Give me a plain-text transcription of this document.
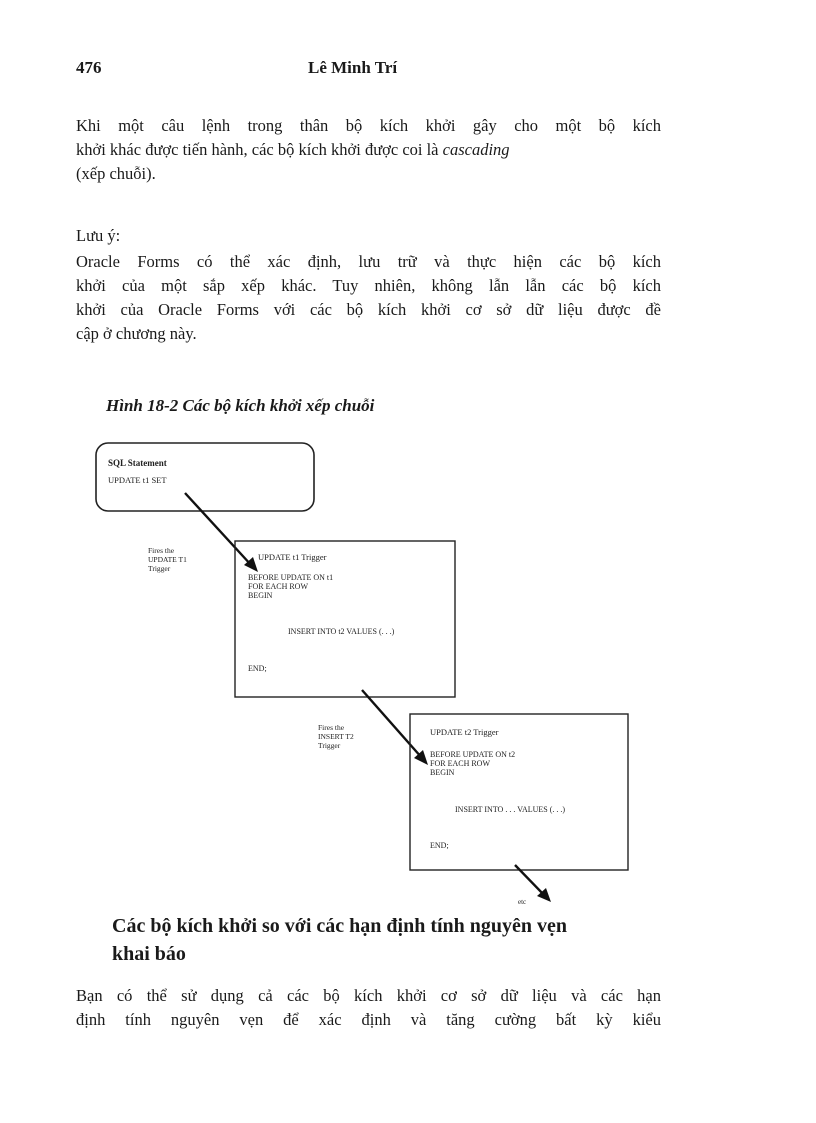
476	Lê Minh Trí

Khi một câu lệnh trong thân bộ kích khởi gây cho một bộ kích
khởi khác được tiến hành, các bộ kích khởi được coi là cascading
(xếp chuỗi).

Lưu ý:

Oracle Forms có thể xác định, lưu trữ và thực hiện các bộ kích
khởi của một sắp xếp khác. Tuy nhiên, không lẫn lẫn các bộ kích
khởi của Oracle Forms với các bộ kích khởi cơ sở dữ liệu được đề
cập ở chương này.

Hình 18-2 Các bộ kích khởi xếp chuỗi
SQL Statement
UPDATE t1 SET
Fires the
UPDATE T1
Trigger
UPDATE t1 Trigger
BEFORE UPDATE ON t1
FOR EACH ROW
BEGIN
INSERT INTO t2 VALUES (. . .)
END;
Fires the
INSERT T2
Trigger
UPDATE t2 Trigger
BEFORE UPDATE ON t2
FOR EACH ROW
BEGIN
INSERT INTO . . . VALUES (. . .)
END;
etc
Các bộ kích khởi so với các hạn định tính nguyên vẹn
khai báo

Bạn có thể sử dụng cả các bộ kích khởi cơ sở dữ liệu và các hạn
định tính nguyên vẹn để xác định và tăng cường bất kỳ kiểu
